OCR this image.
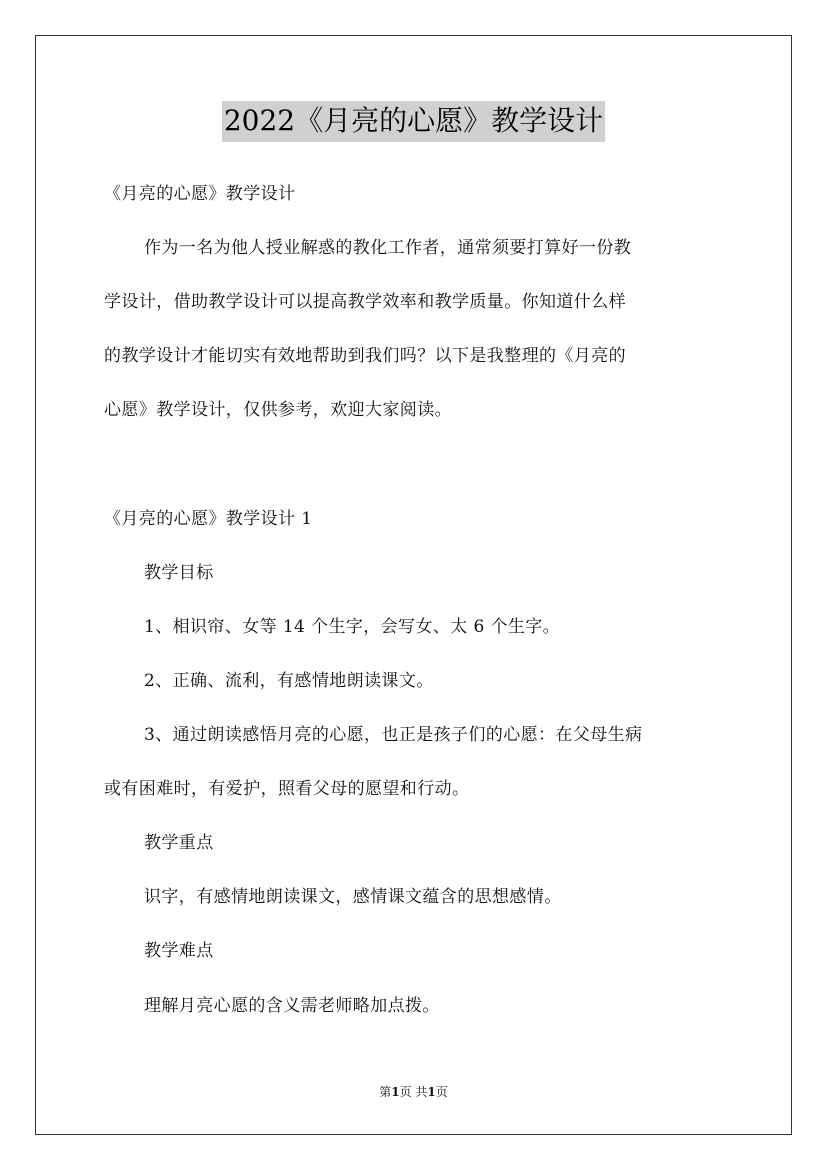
2022《月亮的心愿》教学设计
《月亮的心愿》教学设计
作为一名为他人授业解惑的教化工作者，通常须要打算好一份教
学设计，借助教学设计可以提高教学效率和教学质量。你知道什么样
的教学设计才能切实有效地帮助到我们吗？以下是我整理的《月亮的
心愿》教学设计，仅供参考，欢迎大家阅读。
《月亮的心愿》教学设计 1
教学目标
1、相识帘、女等 14 个生字，会写女、太 6 个生字。
2、正确、流利，有感情地朗读课文。
3、通过朗读感悟月亮的心愿，也正是孩子们的心愿：在父母生病
或有困难时，有爱护，照看父母的愿望和行动。
教学重点
识字，有感情地朗读课文，感情课文蕴含的思想感情。
教学难点
理解月亮心愿的含义需老师略加点拨。
第1页 共1页
